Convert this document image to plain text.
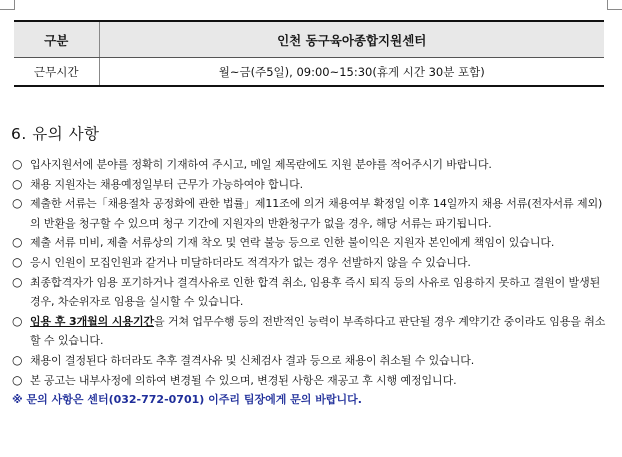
구분	인천 동구육아종합지원센터
근무시간	월~금(주5일), 09:00~15:30(휴게 시간 30분 포함)
6. 유의 사항
○ 입사지원서에 분야를 정확히 기재하여 주시고, 메일 제목란에도 지원 분야를 적어주시기 바랍니다.
○ 채용 지원자는 채용예정일부터 근무가 가능하여야 합니다.
○ 제출한 서류는「채용절차 공정화에 관한 법률」제11조에 의거 채용여부 확정일 이후 14일까지 채용 서류(전자서류 제외)의 반환을 청구할 수 있으며 청구 기간에 지원자의 반환청구가 없을 경우, 해당 서류는 파기됩니다.
○ 제출 서류 미비, 제출 서류상의 기재 착오 및 연락 불능 등으로 인한 불이익은 지원자 본인에게 책임이 있습니다.
○ 응시 인원이 모집인원과 같거나 미달하더라도 적격자가 없는 경우 선발하지 않을 수 있습니다.
○ 최종합격자가 임용 포기하거나 결격사유로 인한 합격 취소, 임용후 즉시 퇴직 등의 사유로 임용하지 못하고 결원이 발생된 경우, 차순위자로 임용을 실시할 수 있습니다.
○ 임용 후 3개월의 시용기간을 거쳐 업무수행 등의 전반적인 능력이 부족하다고 판단될 경우 계약기간 중이라도 임용을 취소할 수 있습니다.
○ 채용이 결정된다 하더라도 추후 결격사유 및 신체검사 결과 등으로 채용이 취소될 수 있습니다.
○ 본 공고는 내부사정에 의하여 변경될 수 있으며, 변경된 사항은 재공고 후 시행 예정입니다.
※ 문의 사항은 센터(032-772-0701) 이주리 팀장에게 문의 바랍니다.
